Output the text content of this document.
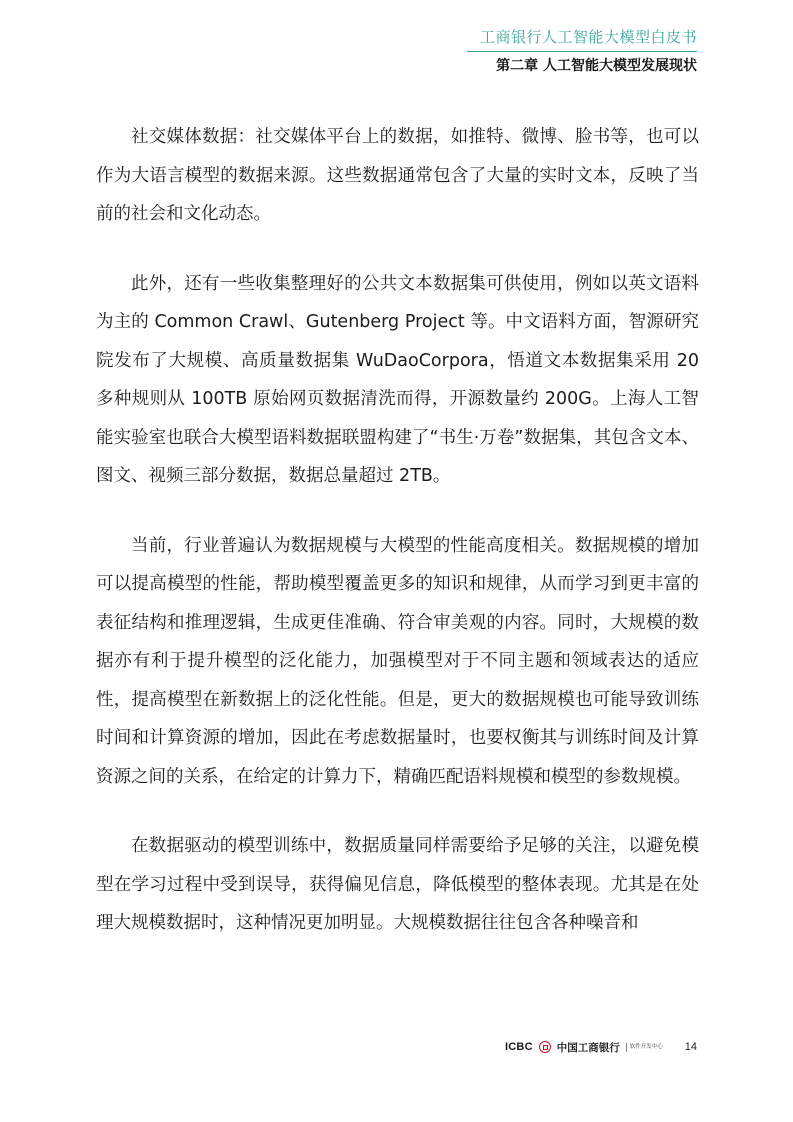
工商银行人工智能大模型白皮书
第二章 人工智能大模型发展现状

社交媒体数据：社交媒体平台上的数据，如推特、微博、脸书等，也可以作为大语言模型的数据来源。这些数据通常包含了大量的实时文本，反映了当前的社会和文化动态。

此外，还有一些收集整理好的公共文本数据集可供使用，例如以英文语料为主的 Common Crawl、Gutenberg Project 等。中文语料方面，智源研究院发布了大规模、高质量数据集 WuDaoCorpora，悟道文本数据集采用 20 多种规则从 100TB 原始网页数据清洗而得，开源数量约 200G。上海人工智能实验室也联合大模型语料数据联盟构建了“书生·万卷”数据集，其包含文本、图文、视频三部分数据，数据总量超过 2TB。

当前，行业普遍认为数据规模与大模型的性能高度相关。数据规模的增加可以提高模型的性能，帮助模型覆盖更多的知识和规律，从而学习到更丰富的表征结构和推理逻辑，生成更佳准确、符合审美观的内容。同时，大规模的数据亦有利于提升模型的泛化能力，加强模型对于不同主题和领域表达的适应性，提高模型在新数据上的泛化性能。但是，更大的数据规模也可能导致训练时间和计算资源的增加，因此在考虑数据量时，也要权衡其与训练时间及计算资源之间的关系，在给定的计算力下，精确匹配语料规模和模型的参数规模。

在数据驱动的模型训练中，数据质量同样需要给予足够的关注，以避免模型在学习过程中受到误导，获得偏见信息，降低模型的整体表现。尤其是在处理大规模数据时，这种情况更加明显。大规模数据往往包含各种噪音和

ICBC 中国工商银行	软件开发中心 14
